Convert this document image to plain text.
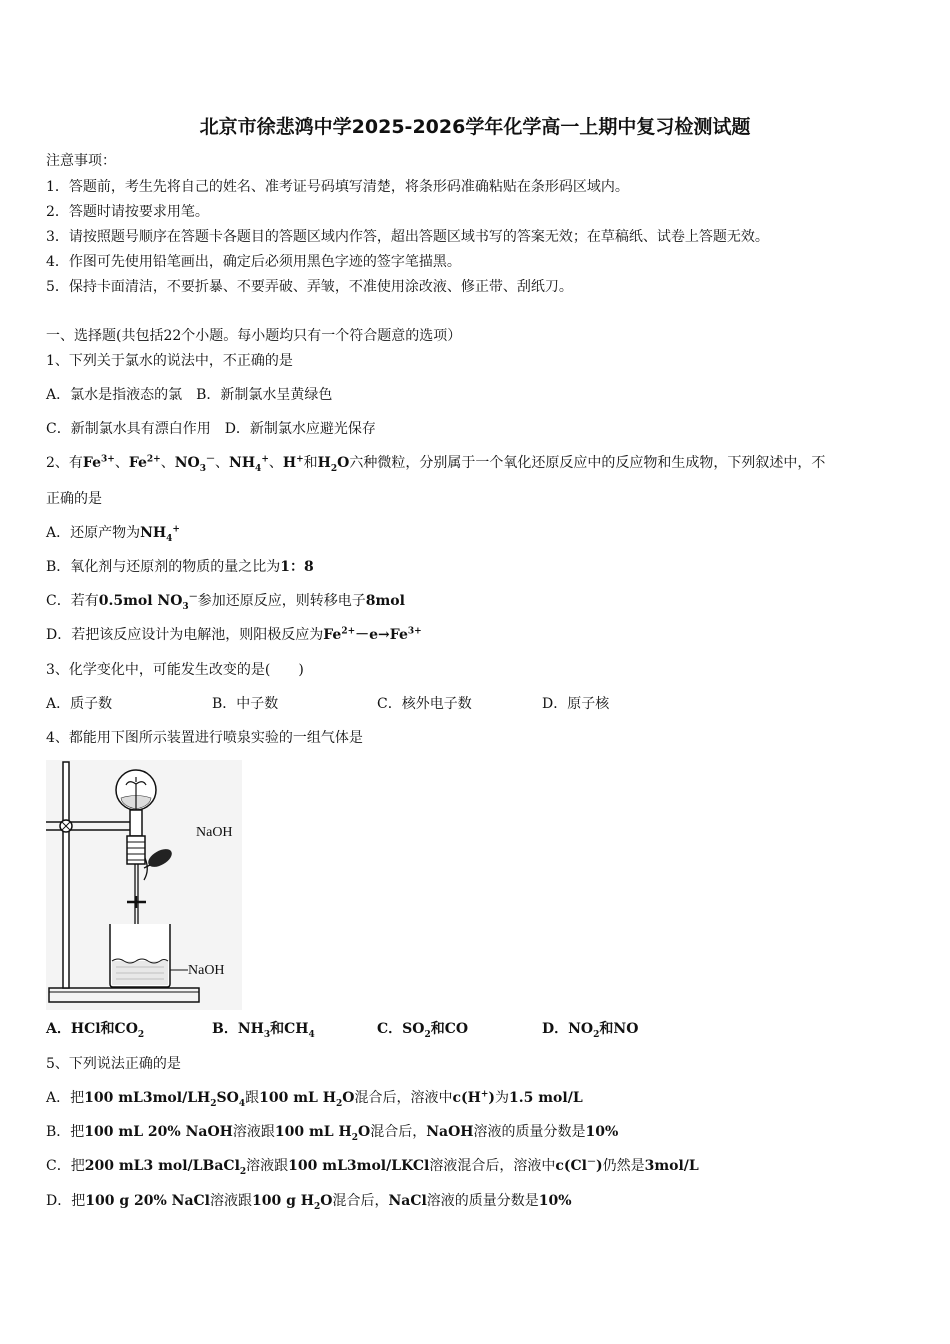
北京市徐悲鸿中学2025-2026学年化学高一上期中复习检测试题
注意事项：
1．答题前，考生先将自己的姓名、准考证号码填写清楚，将条形码准确粘贴在条形码区域内。
2．答题时请按要求用笔。
3．请按照题号顺序在答题卡各题目的答题区域内作答，超出答题区域书写的答案无效；在草稿纸、试卷上答题无效。
4．作图可先使用铅笔画出，确定后必须用黑色字迹的签字笔描黑。
5．保持卡面清洁，不要折暴、不要弄破、弄皱，不准使用涂改液、修正带、刮纸刀。
一、选择题(共包括22个小题。每小题均只有一个符合题意的选项）
1、下列关于氯水的说法中，不正确的是
A．氯水是指液态的氯　B．新制氯水呈黄绿色
C．新制氯水具有漂白作用　D．新制氯水应避光保存
2、有$Fe^{3+}$、$Fe^{2+}$、$NO_3^-$、$NH_4^+$、H+和$H_2O$六种微粒，分别属于一个氧化还原反应中的反应物和生成物，下列叙述中，不
正确的是
A．还原产物为$NH_4^+$
B．氧化剂与还原剂的物质的量之比为1：8
C．若有0.5mol $NO_3^-$参加还原反应，则转移电子8mol
D．若把该反应设计为电解池，则阳极反应为$Fe^{2+}-e\to Fe^{3+}$
3、化学变化中，可能发生改变的是(　　)
A．质子数	B．中子数	C．核外电子数	D．原子核
4、都能用下图所示装置进行喷泉实验的一组气体是
NaOH
NaOH
A．HCl和$CO_2$	B．$NH_3$和$CH_4$	C．$SO_2$和CO	D．$NO_2$和NO
5、下列说法正确的是
A．把100 $mL3mol/LH_2SO_4$跟100 mL $H_2O$混合后，溶液中c(H+)为1.5 mol/L
B．把100 mL 20% NaOH溶液跟100 mL $H_2O$混合后，NaOH溶液的质量分数是10%
C．把200 mL3 mol/LBaCl$_2$溶液跟100 mL3mol/LKCl溶液混合后，溶液中c(Cl－)仍然是3mol/L
D．把100 g 20% NaCl溶液跟100 g $H_2O$混合后，NaCl溶液的质量分数是10%
